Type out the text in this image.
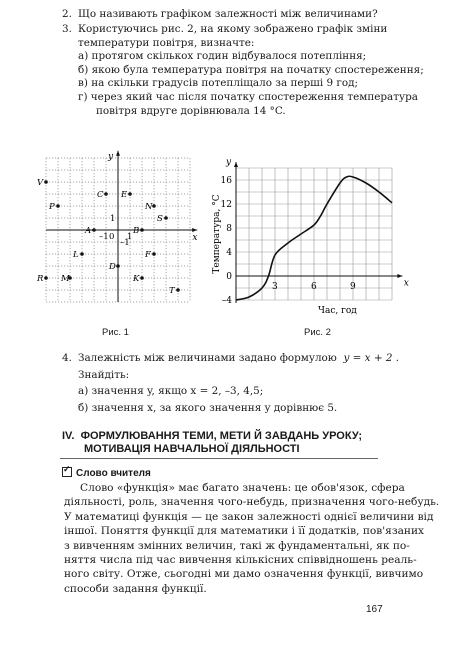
2. Що називають графіком залежності між величинами?
3. Користуючись рис. 2, на якому зображено графік зміни
температури повітря, визначте:
а) протягом скількох годин відбувалося потепління;
б) якою була температура повітря на початку спостереження;
в) на скільки градусів потепліщало за перші 9 год;
г) через який час після початку спостереження температура
повітря вдруге дорівнювала 14 °C.
x
y
0 1
1
–1
–1
V
P
C E
N
A	B
S
L	F
D
R M	K
T
Рис. 1
x
y
3	6	9
16
12
8
4
0
–4
Температура, °C
Час, год
Рис. 2
4. Залежність між величинами задано формулою y = x + 2 .
Знайдіть:
а) значення y, якщо x = 2, –3, 4,5;
б) значення x, за якого значення y дорівнює 5.
IV. ФОРМУЛЮВАННЯ ТЕМИ, МЕТИ Й ЗАВДАНЬ УРОКУ;
МОТИВАЦІЯ НАВЧАЛЬНОЇ ДІЯЛЬНОСТІ
✓ Слово вчителя
Слово «функція» має багато значень: це обов'язок, сфера
діяльності, роль, значення чого-небудь, призначення чого-небудь.
У математиці функція — це закон залежності однієї величини від
іншої. Поняття функції для математики і її додатків, пов'язаних
з вивченням змінних величин, такі ж фундаментальні, як по-
няття числа під час вивчення кількісних співвідношень реаль-
ного світу. Отже, сьогодні ми дамо означення функції, вивчимо
способи задання функції.
167
